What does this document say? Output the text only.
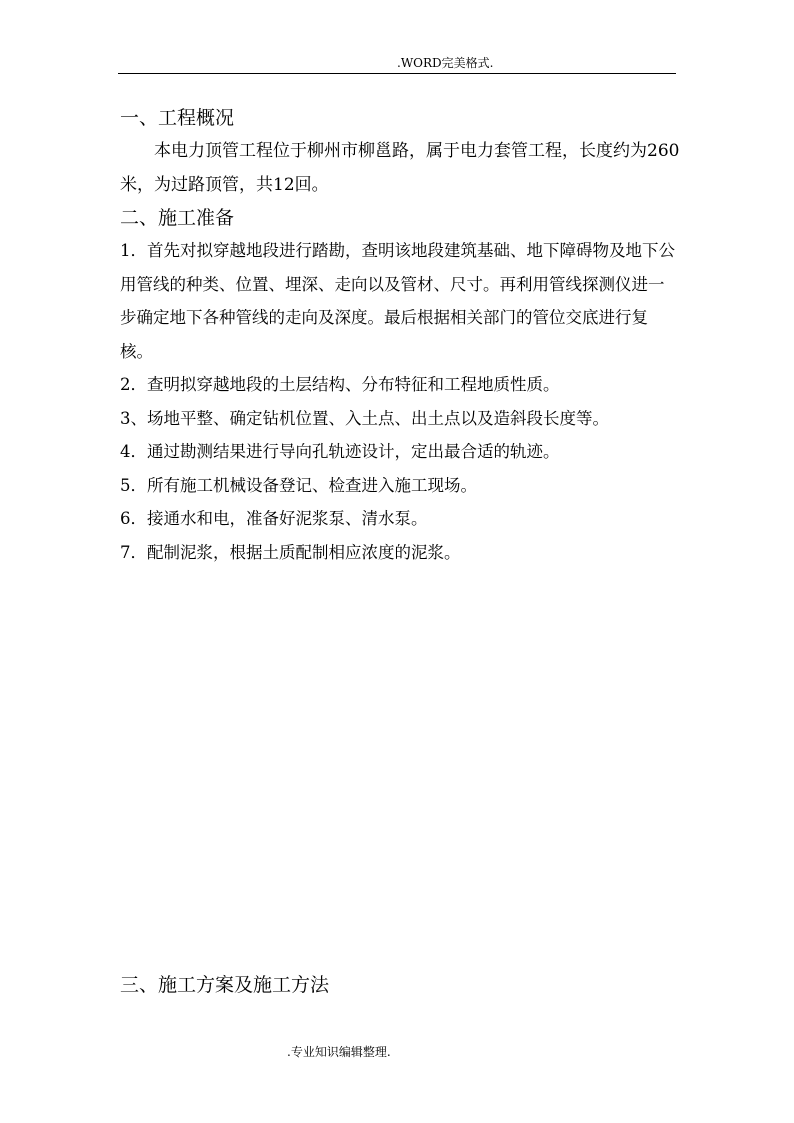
.WORD完美格式.
一、工程概况

本电力顶管工程位于柳州市柳邕路，属于电力套管工程，长度约为260米，为过路顶管，共12回。

二、施工准备
1．首先对拟穿越地段进行踏勘，查明该地段建筑基础、地下障碍物及地下公用管线的种类、位置、埋深、走向以及管材、尺寸。再利用管线探测仪进一步确定地下各种管线的走向及深度。最后根据相关部门的管位交底进行复核。
2．查明拟穿越地段的土层结构、分布特征和工程地质性质。
3、场地平整、确定钻机位置、入土点、出土点以及造斜段长度等。
4．通过勘测结果进行导向孔轨迹设计，定出最合适的轨迹。
5．所有施工机械设备登记、检查进入施工现场。
6．接通水和电，准备好泥浆泵、清水泵。
7．配制泥浆，根据土质配制相应浓度的泥浆。
三、施工方案及施工方法
.专业知识编辑整理.
